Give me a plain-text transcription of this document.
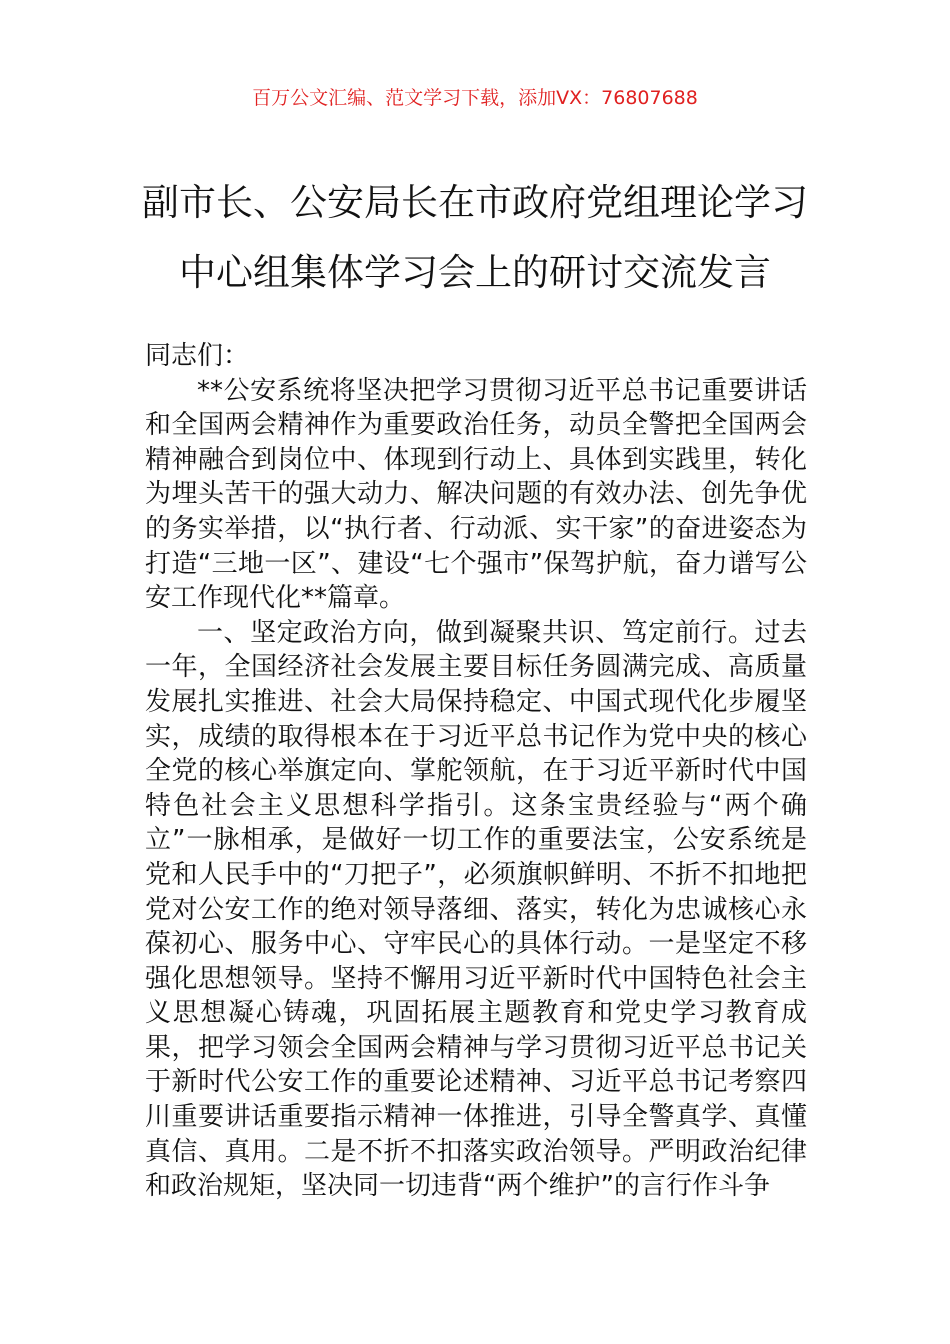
百万公文汇编、范文学习下载，添加VX：76807688
副市长、公安局长在市政府党组理论学习
中心组集体学习会上的研讨交流发言

同志们：

**公安系统将坚决把学习贯彻习近平总书记重要讲话和全国两会精神作为重要政治任务，动员全警把全国两会精神融合到岗位中、体现到行动上、具体到实践里，转化为埋头苦干的强大动力、解决问题的有效办法、创先争优的务实举措，以“执行者、行动派、实干家”的奋进姿态为打造“三地一区”、建设“七个强市”保驾护航，奋力谱写公安工作现代化**篇章。

一、坚定政治方向，做到凝聚共识、笃定前行。过去一年，全国经济社会发展主要目标任务圆满完成、高质量发展扎实推进、社会大局保持稳定、中国式现代化步履坚实，成绩的取得根本在于习近平总书记作为党中央的核心全党的核心举旗定向、掌舵领航，在于习近平新时代中国特色社会主义思想科学指引。这条宝贵经验与“两个确立”一脉相承，是做好一切工作的重要法宝，公安系统是党和人民手中的“刀把子”，必须旗帜鲜明、不折不扣地把党对公安工作的绝对领导落细、落实，转化为忠诚核心永葆初心、服务中心、守牢民心的具体行动。一是坚定不移强化思想领导。坚持不懈用习近平新时代中国特色社会主义思想凝心铸魂，巩固拓展主题教育和党史学习教育成果，把学习领会全国两会精神与学习贯彻习近平总书记关于新时代公安工作的重要论述精神、习近平总书记考察四川重要讲话重要指示精神一体推进，引导全警真学、真懂真信、真用。二是不折不扣落实政治领导。严明政治纪律和政治规矩，坚决同一切违背“两个维护”的言行作斗争
